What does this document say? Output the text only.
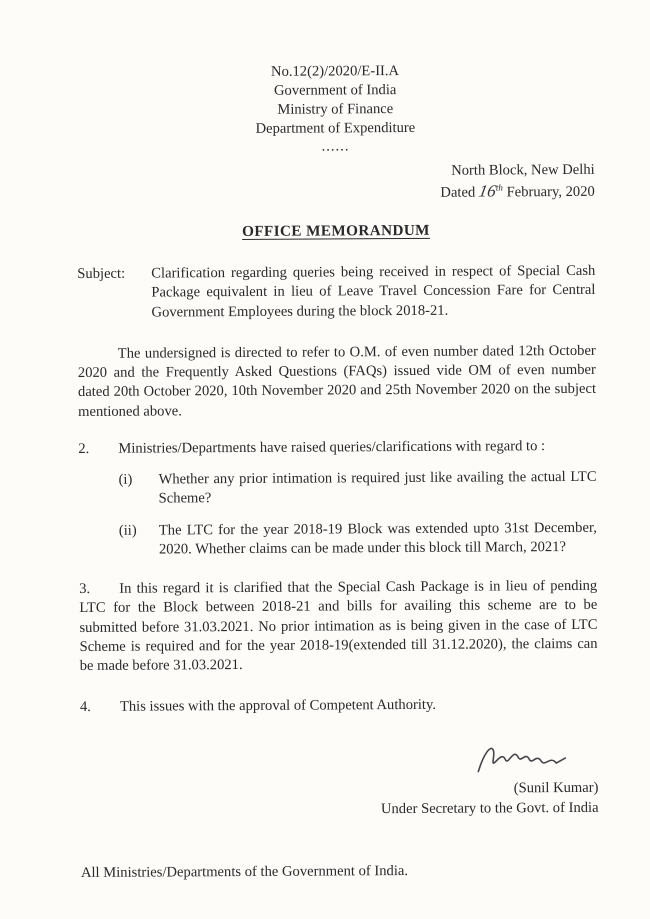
No.12(2)/2020/E-II.A
Government of India
Ministry of Finance
Department of Expenditure
......
North Block, New Delhi
Dated 16th February, 2020
OFFICE MEMORANDUM
Subject:	Clarification regarding queries being received in respect of Special Cash Package equivalent in lieu of Leave Travel Concession Fare for Central Government Employees during the block 2018-21.

The undersigned is directed to refer to O.M. of even number dated 12th October 2020 and the Frequently Asked Questions (FAQs) issued vide OM of even number dated 20th October 2020, 10th November 2020 and 25th November 2020 on the subject mentioned above.

2. Ministries/Departments have raised queries/clarifications with regard to :

(i)	Whether any prior intimation is required just like availing the actual LTC Scheme?
(ii)	The LTC for the year 2018-19 Block was extended upto 31st December, 2020. Whether claims can be made under this block till March, 2021?

3. In this regard it is clarified that the Special Cash Package is in lieu of pending LTC for the Block between 2018-21 and bills for availing this scheme are to be submitted before 31.03.2021. No prior intimation as is being given in the case of LTC Scheme is required and for the year 2018-19(extended till 31.12.2020), the claims can be made before 31.03.2021.

4. This issues with the approval of Competent Authority.

(Sunil Kumar)
Under Secretary to the Govt. of India
All Ministries/Departments of the Government of India.
